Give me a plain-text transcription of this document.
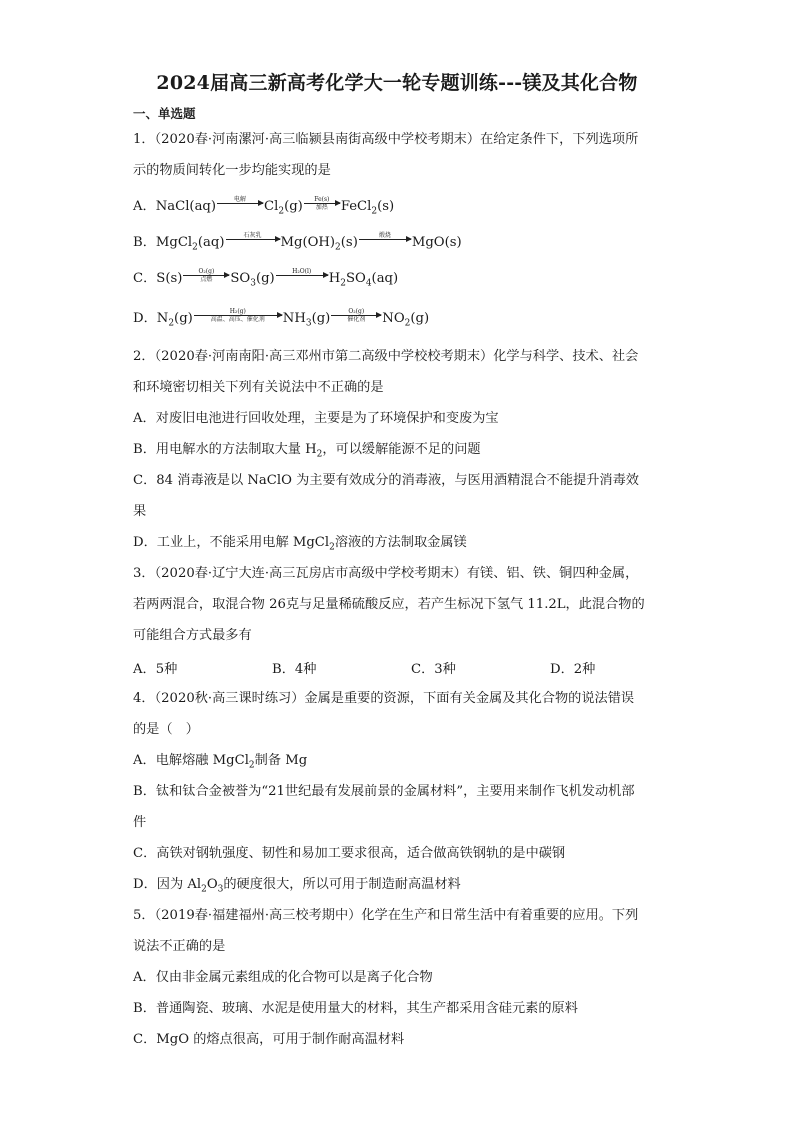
2024届高三新高考化学大一轮专题训练---镁及其化合物
一、单选题
1．（2020春·河南漯河·高三临颍县南街高级中学校考期末）在给定条件下，下列选项所
示的物质间转化一步均能实现的是
A．NaCl(aq)	电解 $Cl_2(g)$ Fe(s)
加热 FeCl$_2$(s)
B．MgCl$_2$(aq)	石灰乳 $Mg(OH)_2(s)$	煅烧 MgO(s)
C．S(s)	O₂(g)
点燃 $SO_3(g)$	H₂O(l) $H_2SO_4(aq)$
D．$N_2(g)$	H₂(g)
高温、高压、催化剂 $NH_3(g)$	O₂(g)
催化剂 $NO_2(g)$
2．（2020春·河南南阳·高三邓州市第二高级中学校校考期末）化学与科学、技术、社会
和环境密切相关下列有关说法中不正确的是
A．对废旧电池进行回收处理，主要是为了环境保护和变废为宝
B．用电解水的方法制取大量 $H_2$，可以缓解能源不足的问题
C．84 消毒液是以 NaClO 为主要有效成分的消毒液，与医用酒精混合不能提升消毒效
果
D．工业上，不能采用电解 MgCl$_2$溶液的方法制取金属镁
3．（2020春·辽宁大连·高三瓦房店市高级中学校考期末）有镁、铝、铁、铜四种金属，
若两两混合，取混合物 26克与足量稀硫酸反应，若产生标况下氢气 11.2L，此混合物的
可能组合方式最多有
A．5种	B．4种	C．3种	D．2种
4．（2020秋·高三课时练习）金属是重要的资源，下面有关金属及其化合物的说法错误
的是（　）
A．电解熔融 MgCl$_2$制备 Mg
B．钛和钛合金被誉为“21世纪最有发展前景的金属材料”，主要用来制作飞机发动机部
件
C．高铁对钢轨强度、韧性和易加工要求很高，适合做高铁钢轨的是中碳钢
D．因为 $Al_2O_3$的硬度很大，所以可用于制造耐高温材料
5．（2019春·福建福州·高三校考期中）化学在生产和日常生活中有着重要的应用。下列
说法不正确的是
A．仅由非金属元素组成的化合物可以是离子化合物
B．普通陶瓷、玻璃、水泥是使用量大的材料，其生产都采用含硅元素的原料
C．MgO 的熔点很高，可用于制作耐高温材料
